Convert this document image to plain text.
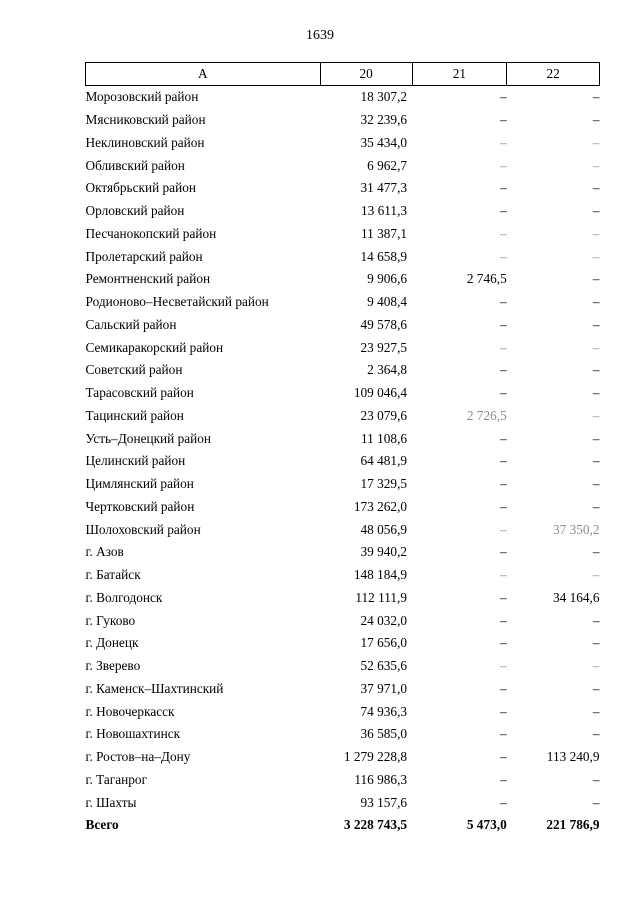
1639
А	20	21	22
Морозовский район	18 307,2	–	–
Мясниковский район	32 239,6	–	–
Неклиновский район	35 434,0	–	–
Обливский район	6 962,7	–	–
Октябрьский район	31 477,3	–	–
Орловский район	13 611,3	–	–
Песчанокопский район	11 387,1	–	–
Пролетарский район	14 658,9	–	–
Ремонтненский район	9 906,6	2 746,5	–
Родионово–Несветайский район	9 408,4	–	–
Сальский район	49 578,6	–	–
Семикаракорский район	23 927,5	–	–
Советский район	2 364,8	–	–
Тарасовский район	109 046,4	–	–
Тацинский район	23 079,6	2 726,5	–
Усть–Донецкий район	11 108,6	–	–
Целинский район	64 481,9	–	–
Цимлянский район	17 329,5	–	–
Чертковский район	173 262,0	–	–
Шолоховский район	48 056,9	–	37 350,2
г. Азов	39 940,2	–	–
г. Батайск	148 184,9	–	–
г. Волгодонск	112 111,9	–	34 164,6
г. Гуково	24 032,0	–	–
г. Донецк	17 656,0	–	–
г. Зверево	52 635,6	–	–
г. Каменск–Шахтинский	37 971,0	–	–
г. Новочеркасск	74 936,3	–	–
г. Новошахтинск	36 585,0	–	–
г. Ростов–на–Дону	1 279 228,8	–	113 240,9
г. Таганрог	116 986,3	–	–
г. Шахты	93 157,6	–	–
Всего	3 228 743,5	5 473,0	221 786,9
